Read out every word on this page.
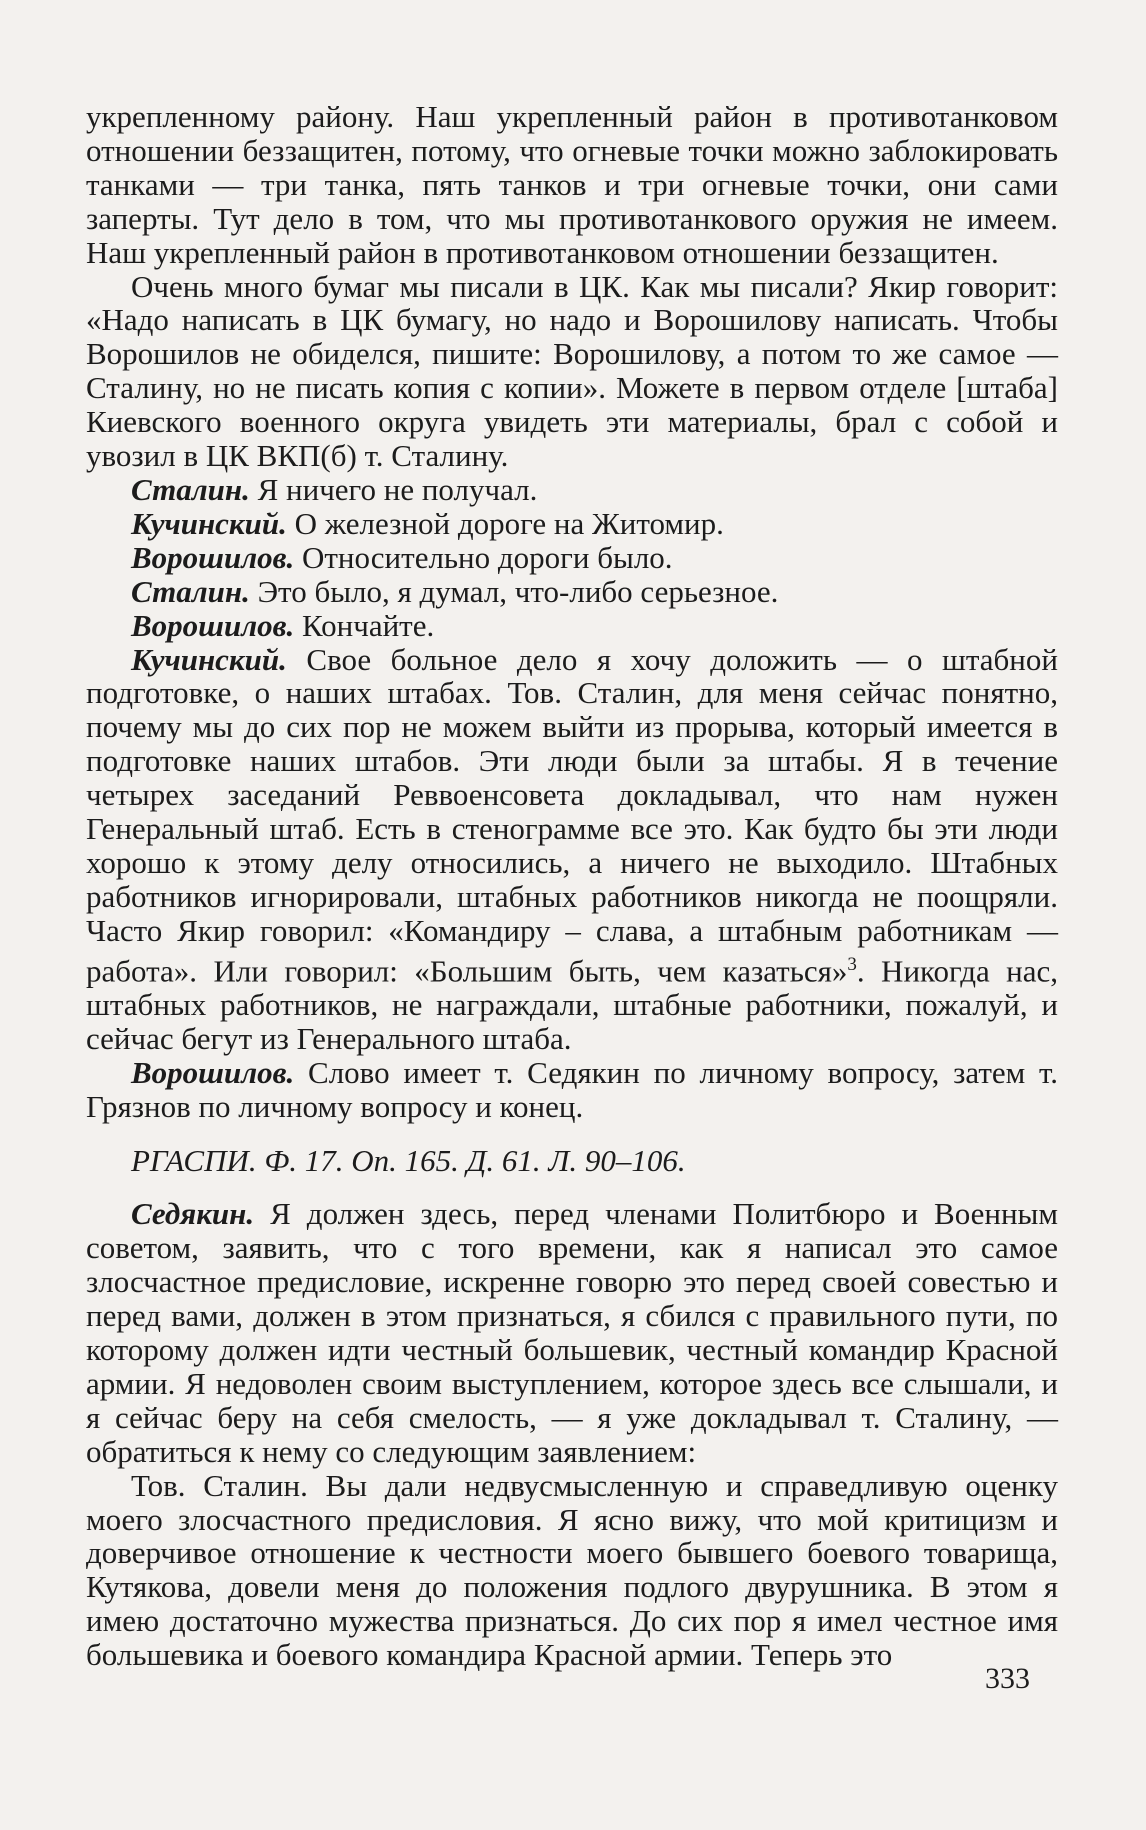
укрепленному району. Наш укрепленный район в противотанковом отношении беззащитен, потому, что огневые точки можно заблокировать танками — три танка, пять танков и три огневые точки, они сами заперты. Тут дело в том, что мы противотанкового оружия не имеем. Наш укрепленный район в противотанковом отношении беззащитен.

Очень много бумаг мы писали в ЦК. Как мы писали? Якир говорит: «Надо написать в ЦК бумагу, но надо и Ворошилову написать. Чтобы Ворошилов не обиделся, пишите: Ворошилову, а потом то же самое — Сталину, но не писать копия с копии». Можете в первом отделе [штаба] Киевского военного округа увидеть эти материалы, брал с собой и увозил в ЦК ВКП(б) т. Сталину.

Сталин. Я ничего не получал.

Кучинский. О железной дороге на Житомир.

Ворошилов. Относительно дороги было.

Сталин. Это было, я думал, что-либо серьезное.

Ворошилов. Кончайте.

Кучинский. Свое больное дело я хочу доложить — о штабной подготовке, о наших штабах. Тов. Сталин, для меня сейчас понятно, почему мы до сих пор не можем выйти из прорыва, который имеется в подготовке наших штабов. Эти люди были за штабы. Я в течение четырех заседаний Реввоенсовета докладывал, что нам нужен Генеральный штаб. Есть в стенограмме все это. Как будто бы эти люди хорошо к этому делу относились, а ничего не выходило. Штабных работников игнорировали, штабных работников никогда не поощряли. Часто Якир говорил: «Командиру – слава, а штабным работникам — работа». Или говорил: «Большим быть, чем казаться»$^3$. Никогда нас, штабных работников, не награждали, штабные работники, пожалуй, и сейчас бегут из Генерального штаба.

Ворошилов. Слово имеет т. Седякин по личному вопросу, затем т. Грязнов по личному вопросу и конец.

РГАСПИ. Ф. 17. Оп. 165. Д. 61. Л. 90–106.

Седякин. Я должен здесь, перед членами Политбюро и Военным советом, заявить, что с того времени, как я написал это самое злосчастное предисловие, искренне говорю это перед своей совестью и перед вами, должен в этом признаться, я сбился с правильного пути, по которому должен идти честный большевик, честный командир Красной армии. Я недоволен своим выступлением, которое здесь все слышали, и я сейчас беру на себя смелость, — я уже докладывал т. Сталину, — обратиться к нему со следующим заявлением:

Тов. Сталин. Вы дали недвусмысленную и справедливую оценку моего злосчастного предисловия. Я ясно вижу, что мой критицизм и доверчивое отношение к честности моего бывшего боевого товарища, Кутякова, довели меня до положения подлого двурушника. В этом я имею достаточно мужества признаться. До сих пор я имел честное имя большевика и боевого командира Красной армии. Теперь это

333
